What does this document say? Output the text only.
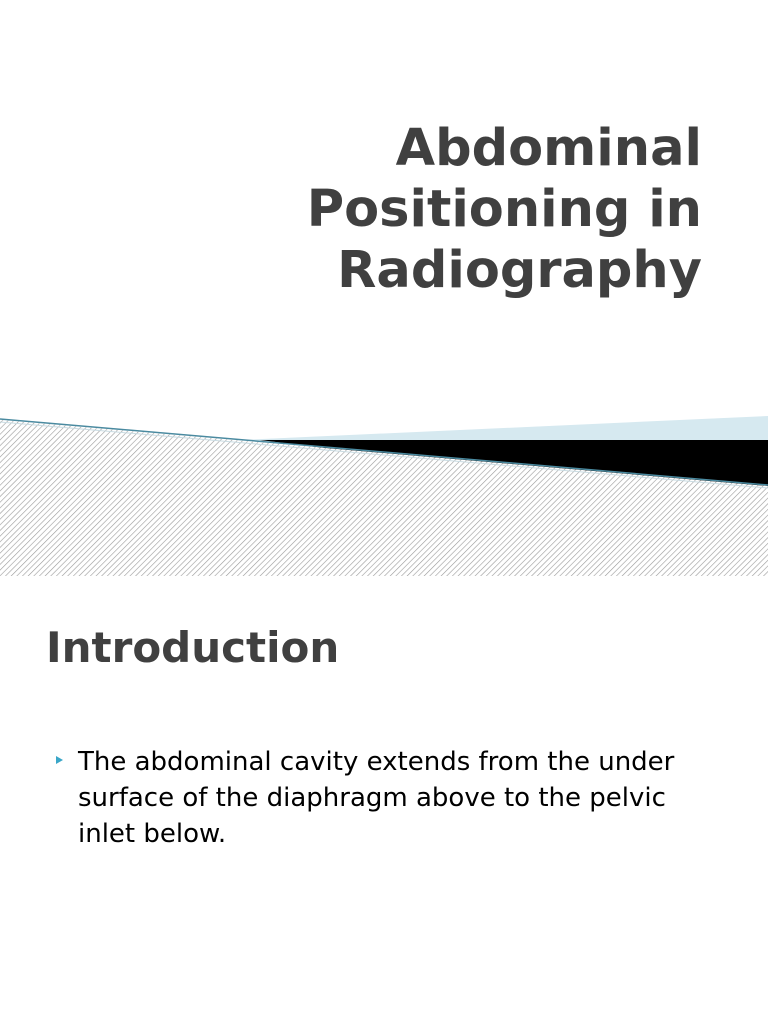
Abdominal
Positioning in
Radiography
Introduction
The abdominal cavity extends from the under surface of the diaphragm above to the pelvic inlet below.
